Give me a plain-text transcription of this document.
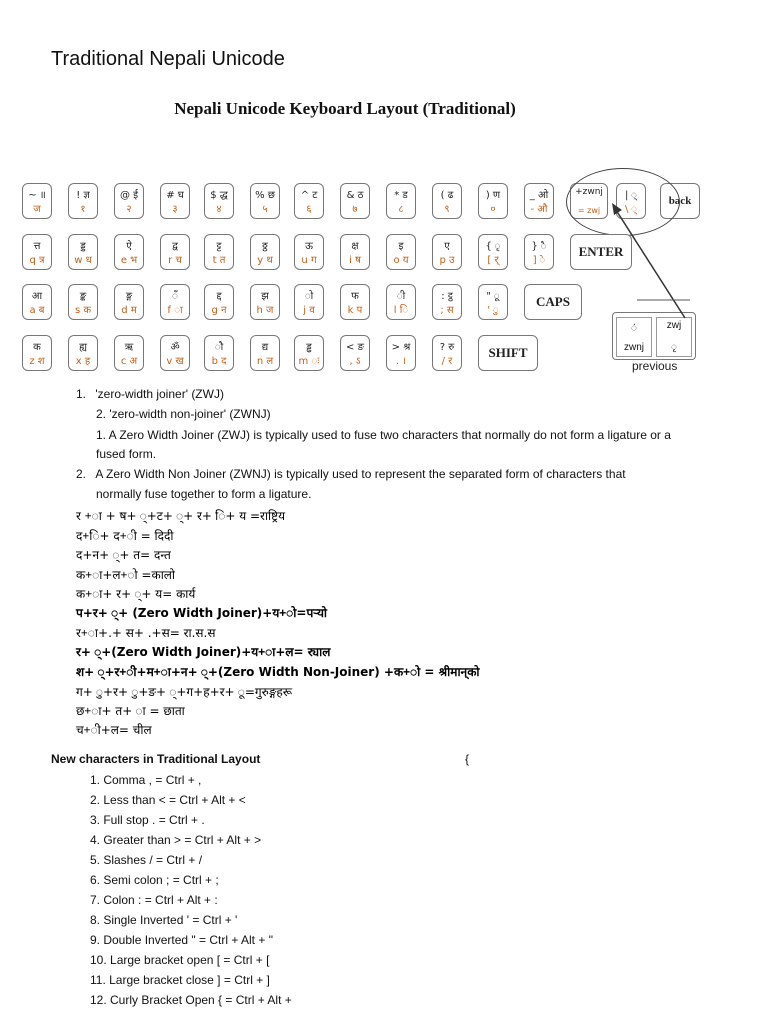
Traditional Nepali Unicode
Nepali Unicode Keyboard Layout (Traditional)
~ ॥
ज
! ज्ञ
१
@ ई
२
# घ
३
$ द्ध
४
% छ
५
^ ट
६
& ठ
७
* ड
८
( ढ
९
) ण
०
_ ओ
- औ
+zwnj
= zwj
| ्
\ ्
back
त्त
q त्र
ड्ड
w ध
ऐ
e भ
द्व
r च
ट्ट
t त
ठ्ठ
y थ
ऊ
u ग
क्ष
i ष
इ
o य
ए
p उ
{ ृ
[ र्
} ै
] े
ENTER
आ
a ब
ङ्क
s क
ङ्ग
d म
ँ
f ा
द्द
g न
झ
h ज
ो
j व
फ
k प
ी
l ि
: ट्ठ
; स
" ू
' ु
CAPS
क
z श
ह्य
x ह
ऋ
c अ
ॐ
v ख
ौ
b द
द्य
n ल
ड्ढ
m ः
< ङ
, ऽ
> श्र
. ।
? रु
/ र
SHIFT
ं
zwnj
zwj
ृ
previous
1. 'zero-width joiner' (ZWJ)
2. 'zero-width non-joiner' (ZWNJ)
1. A Zero Width Joiner (ZWJ) is typically used to fuse two characters that normally do not form a ligature or a
fused form.
2. A Zero Width Non Joiner (ZWNJ) is typically used to represent the separated form of characters that
normally fuse together to form a ligature.
र +ा + ष+ ्+ट+ ्+ र+ ि+ य =राष्ट्रिय
द+ि+ द+ी = दिदी
द+न+ ्+ त= दन्त
क+ा+ल+ो =कालो
क+ा+ र+ ्+ य= कार्य
प+र+ ्+ (Zero Width Joiner)+य+ो=पर्‍यो
र+ा+.+ स+ .+स= रा.स.स
र+ ्+(Zero Width Joiner)+य+ा+ल= र‍्याल
श+ ्+र+ी+म+ा+न+ ्+(Zero Width Non-Joiner) +क+ो = श्रीमान्‌को
ग+ ु+र+ ु+ङ+ ्+ग+ह+र+ ू=गुरुङ्गहरू
छ+ा+ त+ ा = छाता
च+ी+ल= चील
New characters in Traditional Layout	{
1. Comma , = Ctrl + ,
2. Less than < = Ctrl + Alt + <
3. Full stop . = Ctrl + .
4. Greater than > = Ctrl + Alt + >
5. Slashes / = Ctrl + /
6. Semi colon ; = Ctrl + ;
7. Colon : = Ctrl + Alt + :
8. Single Inverted ' = Ctrl + '
9. Double Inverted " = Ctrl + Alt + "
10. Large bracket open [ = Ctrl + [
11. Large bracket close ] = Ctrl + ]
12. Curly Bracket Open { = Ctrl + Alt +
